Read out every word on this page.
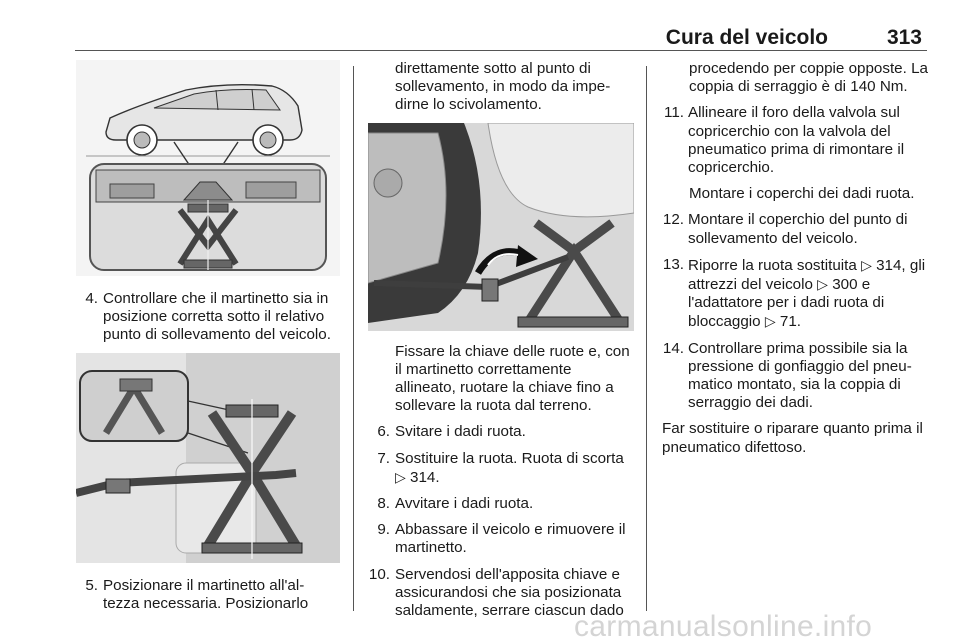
Cura del veicolo	313
4. Controllare che il martinetto sia in posizione corretta sotto il relativo punto di sollevamento del veicolo.
5. Posizionare il martinetto all'al-tezza necessaria. Posizionarlo
direttamente sotto al punto di sollevamento, in modo da impe-dirne lo scivolamento.
Fissare la chiave delle ruote e, con il martinetto correttamente allineato, ruotare la chiave fino a sollevare la ruota dal terreno.
6. Svitare i dadi ruota.
7. Sostituire la ruota. Ruota di scorta
▷ 314.
8. Avvitare i dadi ruota.
9. Abbassare il veicolo e rimuovere il martinetto.
10. Servendosi dell'apposita chiave e assicurandosi che sia posizionata saldamente, serrare ciascun dado
procedendo per coppie opposte. La coppia di serraggio è di 140 Nm.
11. Allineare il foro della valvola sul copricerchio con la valvola del pneumatico prima di rimontare il copricerchio.
Montare i coperchi dei dadi ruota.
12. Montare il coperchio del punto di sollevamento del veicolo.
13. Riporre la ruota sostituita ▷ 314, gli attrezzi del veicolo ▷ 300 e l'adattatore per i dadi ruota di bloccaggio ▷ 71.
14. Controllare prima possibile sia la pressione di gonfiaggio del pneu-matico montato, sia la coppia di serraggio dei dadi.
Far sostituire o riparare quanto prima il pneumatico difettoso.
carmanualsonline.info
